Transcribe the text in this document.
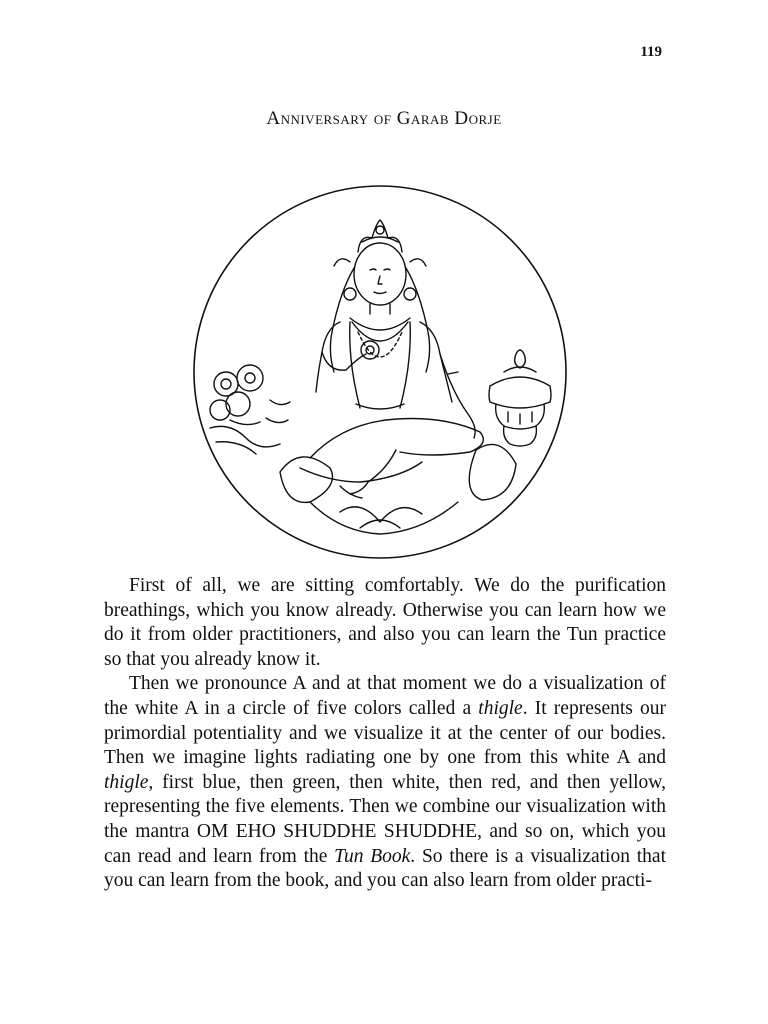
119
Anniversary of Garab Dorje

First of all, we are sitting comfortably. We do the purification breathings, which you know already. Otherwise you can learn how we do it from older practitioners, and also you can learn the Tun practice so that you already know it.

Then we pronounce A and at that moment we do a visualization of the white A in a circle of five colors called a thigle. It represents our primordial potentiality and we visualize it at the center of our bodies. Then we imagine lights radiating one by one from this white A and thigle, first blue, then green, then white, then red, and then yellow, representing the five elements. Then we combine our visualization with the mantra OM EHO SHUDDHE SHUDDHE, and so on, which you can read and learn from the Tun Book. So there is a visualization that you can learn from the book, and you can also learn from older practi-
